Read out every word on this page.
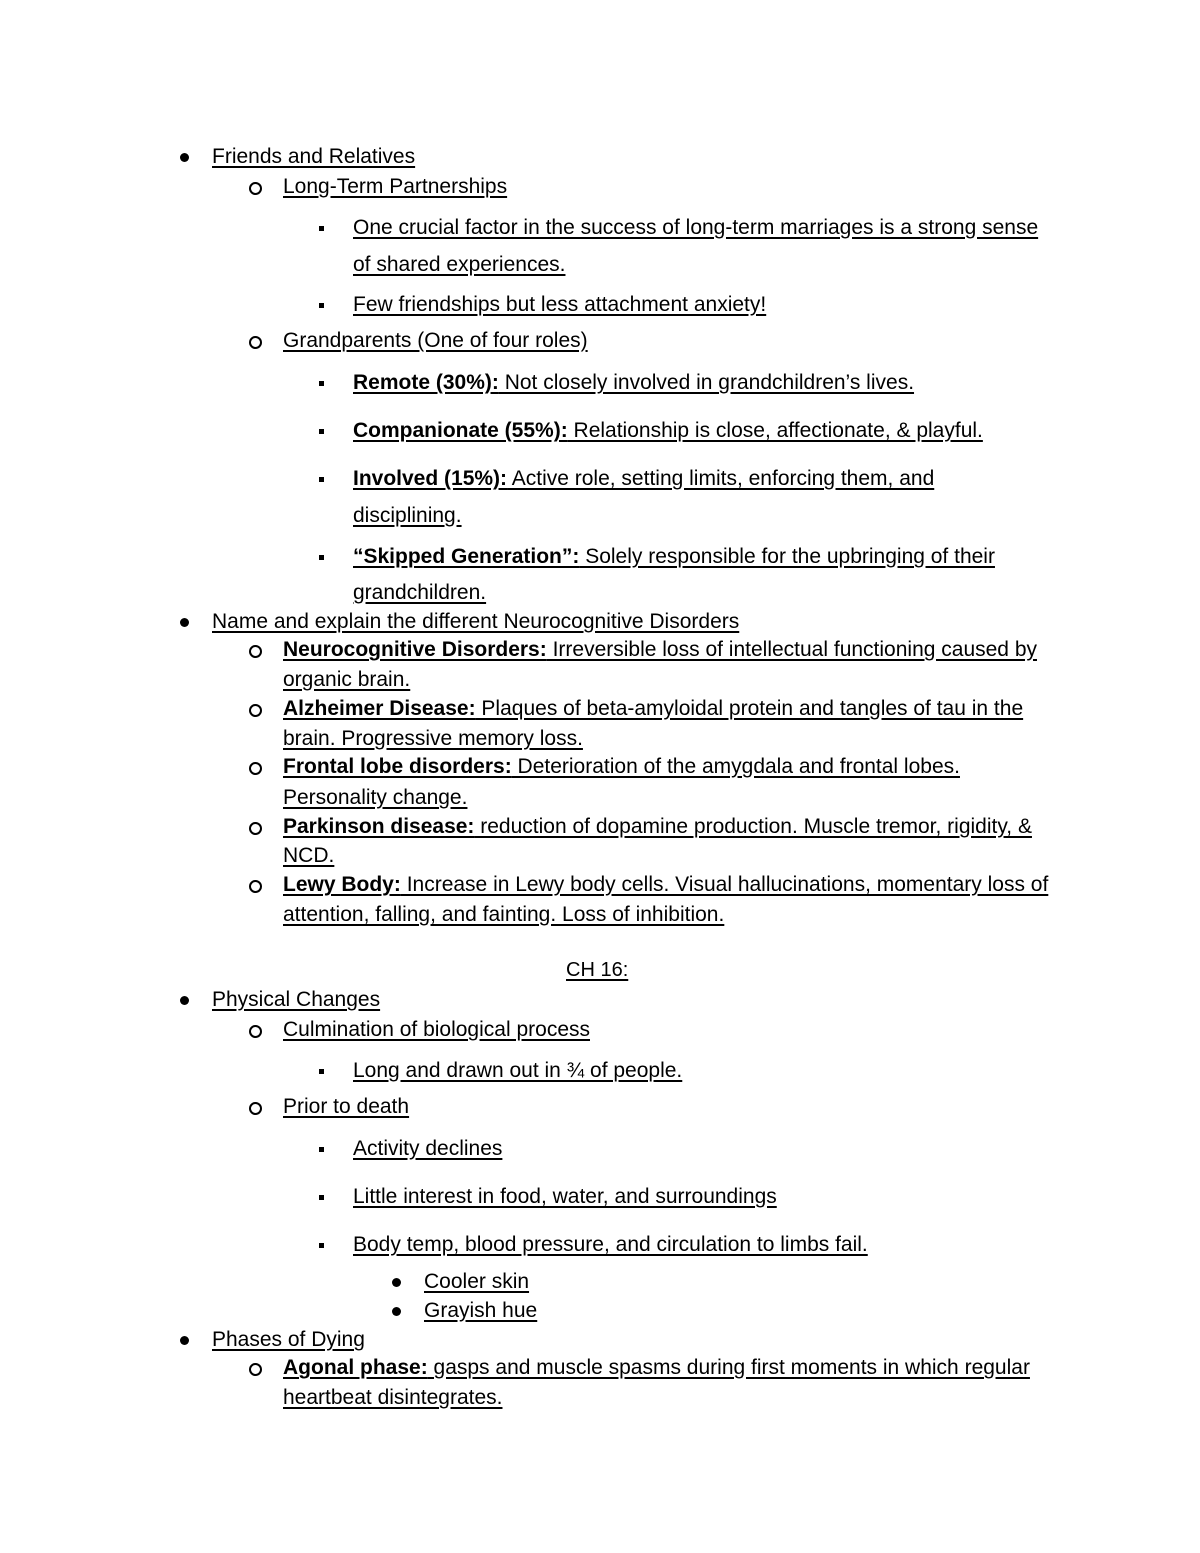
CH 16:
Friends and Relatives
Long-Term Partnerships
One crucial factor in the success of long-term marriages is a strong sense
of shared experiences.
Few friendships but less attachment anxiety!
Grandparents (One of four roles)
Remote (30%): Not closely involved in grandchildren’s lives.
Companionate (55%): Relationship is close, affectionate, & playful.
Involved (15%): Active role, setting limits, enforcing them, and
disciplining.
“Skipped Generation”: Solely responsible for the upbringing of their
grandchildren.
Name and explain the different Neurocognitive Disorders
Neurocognitive Disorders: Irreversible loss of intellectual functioning caused by
organic brain.
Alzheimer Disease: Plaques of beta-amyloidal protein and tangles of tau in the
brain. Progressive memory loss.
Frontal lobe disorders: Deterioration of the amygdala and frontal lobes.
Personality change.
Parkinson disease: reduction of dopamine production. Muscle tremor, rigidity, &
NCD.
Lewy Body: Increase in Lewy body cells. Visual hallucinations, momentary loss of
attention, falling, and fainting. Loss of inhibition.
Physical Changes
Culmination of biological process
Long and drawn out in ¾ of people.
Prior to death
Activity declines
Little interest in food, water, and surroundings
Body temp, blood pressure, and circulation to limbs fail.
Cooler skin
Grayish hue
Phases of Dying
Agonal phase: gasps and muscle spasms during first moments in which regular
heartbeat disintegrates.
